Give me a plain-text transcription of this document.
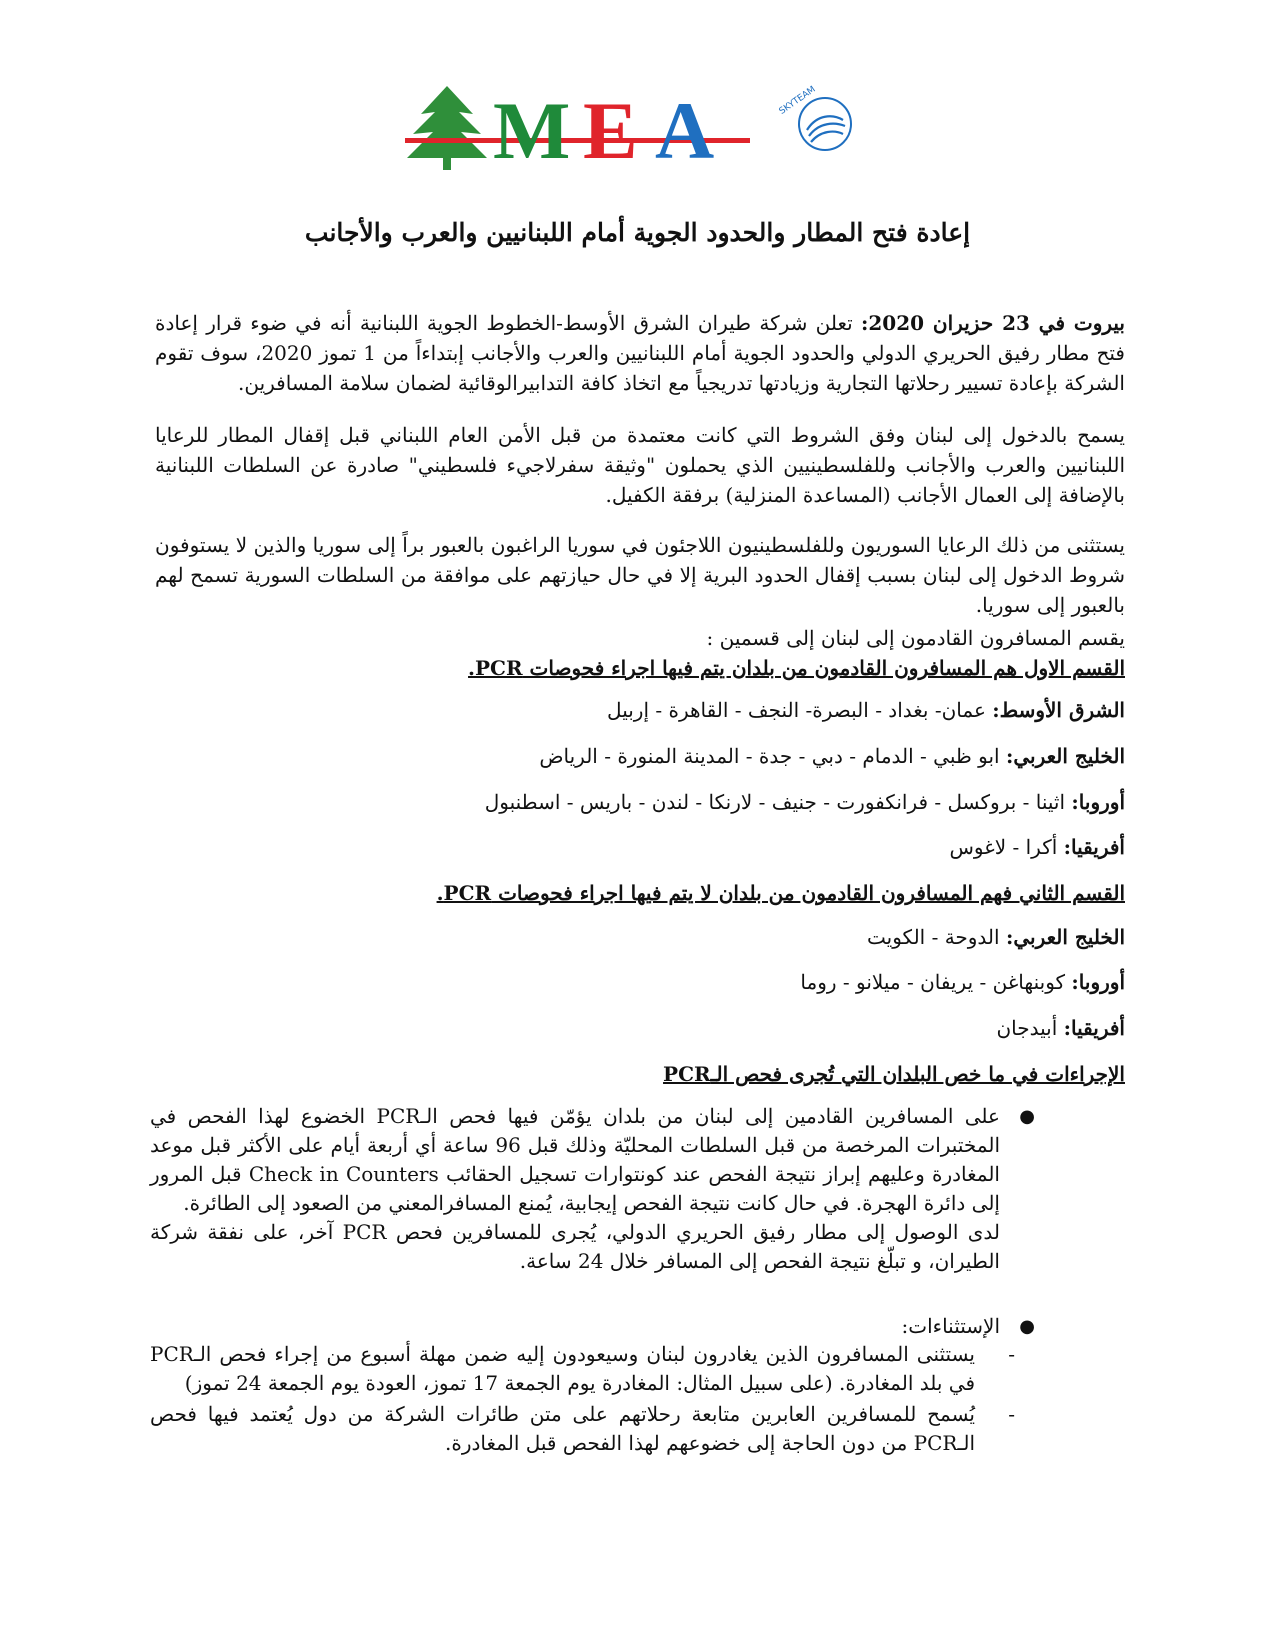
M E A	SKYTEAM
إعادة فتح المطار والحدود الجوية أمام اللبنانيين والعرب والأجانب
بيروت في 23 حزيران 2020: تعلن شركة طيران الشرق الأوسط-الخطوط الجوية اللبنانية أنه في ضوء قرار إعادة فتح مطار رفيق الحريري الدولي والحدود الجوية أمام اللبنانيين والعرب والأجانب إبتداءاً من 1 تموز 2020، سوف تقوم الشركة بإعادة تسيير رحلاتها التجارية وزيادتها تدريجياً مع اتخاذ كافة التدابيرالوقائية لضمان سلامة المسافرين.
يسمح بالدخول إلى لبنان وفق الشروط التي كانت معتمدة من قبل الأمن العام اللبناني قبل إقفال المطار للرعايا اللبنانيين والعرب والأجانب وللفلسطينيين الذي يحملون "وثيقة سفرلاجيء فلسطيني" صادرة عن السلطات اللبنانية بالإضافة إلى العمال الأجانب (المساعدة المنزلية) برفقة الكفيل.
يستثنى من ذلك الرعايا السوريون وللفلسطينيون اللاجئون في سوريا الراغبون بالعبور براً إلى سوريا والذين لا يستوفون شروط الدخول إلى لبنان بسبب إقفال الحدود البرية إلا في حال حيازتهم على موافقة من السلطات السورية تسمح لهم بالعبور إلى سوريا.
يقسم المسافرون القادمون إلى لبنان إلى قسمين :
القسم الاول هم المسافرون القادمون من بلدان يتم فيها اجراء فحوصات PCR.
الشرق الأوسط: عمان- بغداد - البصرة- النجف - القاهرة - إربيل
الخليج العربي: ابو ظبي - الدمام - دبي - جدة - المدينة المنورة - الرياض
أوروبا: اثينا - بروكسل - فرانكفورت - جنيف - لارنكا - لندن - باريس - اسطنبول
أفريقيا: أكرا - لاغوس
القسم الثاني فهم المسافرون القادمون من بلدان لا يتم فيها اجراء فحوصات PCR.
الخليج العربي: الدوحة - الكويت
أوروبا: كوبنهاغن - يريفان - ميلانو - روما
أفريقيا: أبيدجان
الإجراءات في ما خص البلدان التي تُجرى فحص الـPCR
●
على المسافرين القادمين إلى لبنان من بلدان يؤمّن فيها فحص الـPCR الخضوع لهذا الفحص في المختبرات المرخصة من قبل السلطات المحليّة وذلك قبل 96 ساعة أي أربعة أيام على الأكثر قبل موعد المغادرة وعليهم إبراز نتيجة الفحص عند كونتوارات تسجيل الحقائب Check in Counters قبل المرور إلى دائرة الهجرة. في حال كانت نتيجة الفحص إيجابية، يُمنع المسافرالمعني من الصعود إلى الطائرة.
لدى الوصول إلى مطار رفيق الحريري الدولي، يُجرى للمسافرين فحص PCR آخر، على نفقة شركة الطيران، و تبلّغ نتيجة الفحص إلى المسافر خلال 24 ساعة.
●
الإستثناءات:
-
يستثنى المسافرون الذين يغادرون لبنان وسيعودون إليه ضمن مهلة أسبوع من إجراء فحص الـPCR في بلد المغادرة. (على سبيل المثال: المغادرة يوم الجمعة 17 تموز، العودة يوم الجمعة 24 تموز)
-
يُسمح للمسافرين العابرين متابعة رحلاتهم على متن طائرات الشركة من دول يُعتمد فيها فحص الـPCR من دون الحاجة إلى خضوعهم لهذا الفحص قبل المغادرة.
